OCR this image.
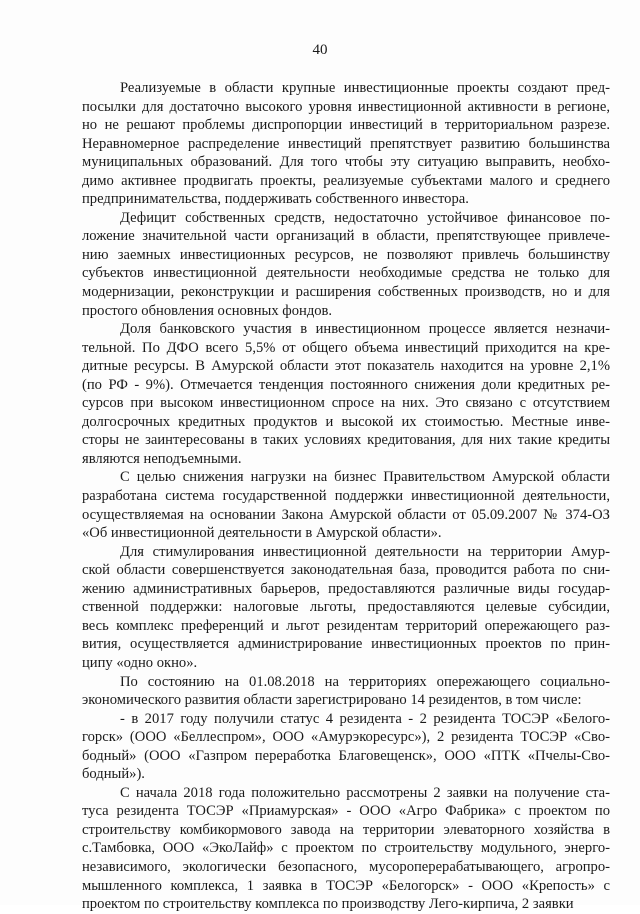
40
Реализуемые в области крупные инвестиционные проекты создают пред-
посылки для достаточно высокого уровня инвестиционной активности в регионе,
но не решают проблемы диспропорции инвестиций в территориальном разрезе.
Неравномерное распределение инвестиций препятствует развитию большинства
муниципальных образований. Для того чтобы эту ситуацию выправить, необхо-
димо активнее продвигать проекты, реализуемые субъектами малого и среднего
предпринимательства, поддерживать собственного инвестора.
Дефицит собственных средств, недостаточно устойчивое финансовое по-
ложение значительной части организаций в области, препятствующее привлече-
нию заемных инвестиционных ресурсов, не позволяют привлечь большинству
субъектов инвестиционной деятельности необходимые средства не только для
модернизации, реконструкции и расширения собственных производств, но и для
простого обновления основных фондов.
Доля банковского участия в инвестиционном процессе является незначи-
тельной. По ДФО всего 5,5% от общего объема инвестиций приходится на кре-
дитные ресурсы. В Амурской области этот показатель находится на уровне 2,1%
(по РФ - 9%). Отмечается тенденция постоянного снижения доли кредитных ре-
сурсов при высоком инвестиционном спросе на них. Это связано с отсутствием
долгосрочных кредитных продуктов и высокой их стоимостью. Местные инве-
сторы не заинтересованы в таких условиях кредитования, для них такие кредиты
являются неподъемными.
С целью снижения нагрузки на бизнес Правительством Амурской области
разработана система государственной поддержки инвестиционной деятельности,
осуществляемая на основании Закона Амурской области от 05.09.2007 № 374-ОЗ
«Об инвестиционной деятельности в Амурской области».
Для стимулирования инвестиционной деятельности на территории Амур-
ской области совершенствуется законодательная база, проводится работа по сни-
жению административных барьеров, предоставляются различные виды государ-
ственной поддержки: налоговые льготы, предоставляются целевые субсидии,
весь комплекс преференций и льгот резидентам территорий опережающего раз-
вития, осуществляется администрирование инвестиционных проектов по прин-
ципу «одно окно».
По состоянию на 01.08.2018 на территориях опережающего социально-
экономического развития области зарегистрировано 14 резидентов, в том числе:
- в 2017 году получили статус 4 резидента - 2 резидента ТОСЭР «Белого-
горск» (ООО «Беллеспром», ООО «Амурэкоресурс»), 2 резидента ТОСЭР «Сво-
бодный» (ООО «Газпром переработка Благовещенск», ООО «ПТК «Пчелы-Сво-
бодный»).
С начала 2018 года положительно рассмотрены 2 заявки на получение ста-
туса резидента ТОСЭР «Приамурская» - ООО «Агро Фабрика» с проектом по
строительству комбикормового завода на территории элеваторного хозяйства в
с.Тамбовка, ООО «ЭкоЛайф» с проектом по строительству модульного, энерго-
независимого, экологически безопасного, мусороперерабатывающего, агропро-
мышленного комплекса, 1 заявка в ТОСЭР «Белогорск» - ООО «Крепость» с
проектом по строительству комплекса по производству Лего-кирпича, 2 заявки
